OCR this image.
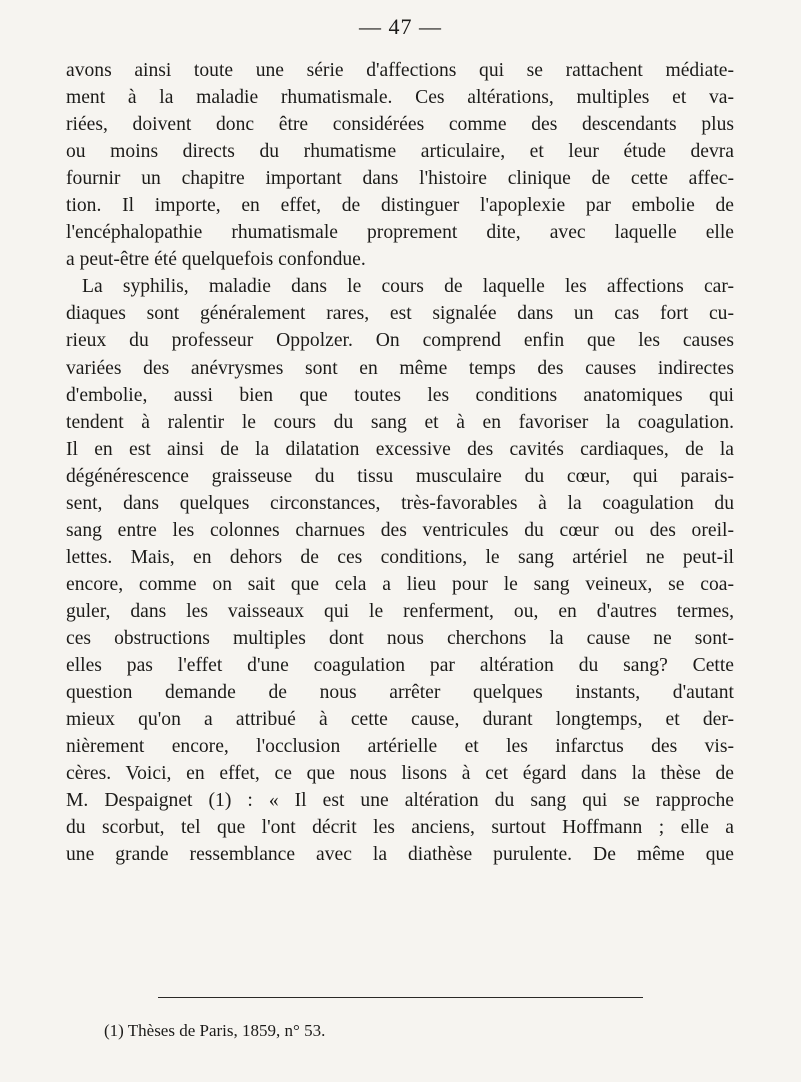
— 47 —
avons ainsi toute une série d'affections qui se rattachent médiate-
ment à la maladie rhumatismale. Ces altérations, multiples et va-
riées, doivent donc être considérées comme des descendants plus
ou moins directs du rhumatisme articulaire, et leur étude devra
fournir un chapitre important dans l'histoire clinique de cette affec-
tion. Il importe, en effet, de distinguer l'apoplexie par embolie de
l'encéphalopathie rhumatismale proprement dite, avec laquelle elle
a peut-être été quelquefois confondue.
La syphilis, maladie dans le cours de laquelle les affections car-
diaques sont généralement rares, est signalée dans un cas fort cu-
rieux du professeur Oppolzer. On comprend enfin que les causes
variées des anévrysmes sont en même temps des causes indirectes
d'embolie, aussi bien que toutes les conditions anatomiques qui
tendent à ralentir le cours du sang et à en favoriser la coagulation.
Il en est ainsi de la dilatation excessive des cavités cardiaques, de la
dégénérescence graisseuse du tissu musculaire du cœur, qui parais-
sent, dans quelques circonstances, très-favorables à la coagulation du
sang entre les colonnes charnues des ventricules du cœur ou des oreil-
lettes. Mais, en dehors de ces conditions, le sang artériel ne peut-il
encore, comme on sait que cela a lieu pour le sang veineux, se coa-
guler, dans les vaisseaux qui le renferment, ou, en d'autres termes,
ces obstructions multiples dont nous cherchons la cause ne sont-
elles pas l'effet d'une coagulation par altération du sang? Cette
question demande de nous arrêter quelques instants, d'autant
mieux qu'on a attribué à cette cause, durant longtemps, et der-
nièrement encore, l'occlusion artérielle et les infarctus des vis-
cères. Voici, en effet, ce que nous lisons à cet égard dans la thèse de
M. Despaignet (1) : « Il est une altération du sang qui se rapproche
du scorbut, tel que l'ont décrit les anciens, surtout Hoffmann ; elle a
une grande ressemblance avec la diathèse purulente. De même que
(1) Thèses de Paris, 1859, n° 53.
